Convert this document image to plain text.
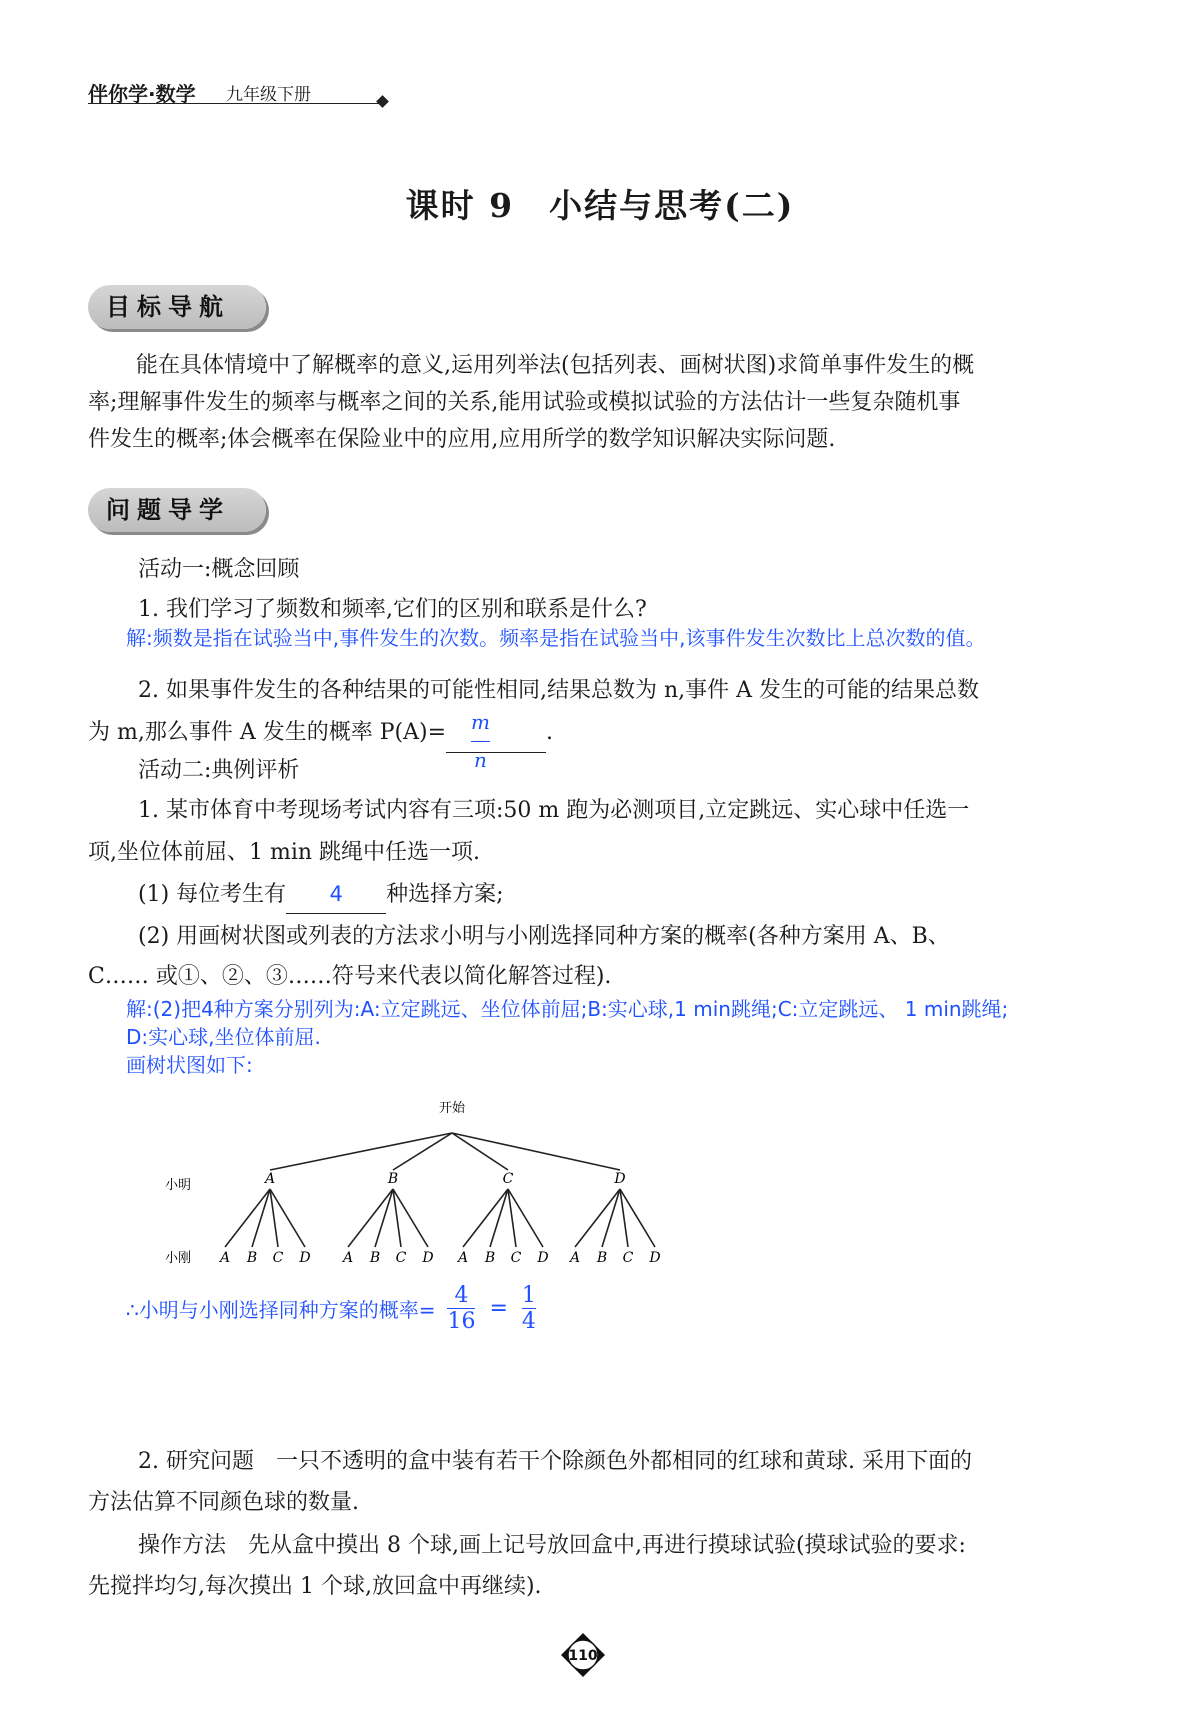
伴你学·数学 九年级下册
课时 9　小结与思考(二)
目标导航

能在具体情境中了解概率的意义,运用列举法(包括列表、画树状图)求简单事件发生的概

率;理解事件发生的频率与概率之间的关系,能用试验或模拟试验的方法估计一些复杂随机事

件发生的概率;体会概率在保险业中的应用,应用所学的数学知识解决实际问题.

问题导学
活动一:概念回顾
1. 我们学习了频数和频率,它们的区别和联系是什么?
解:频数是指在试验当中,事件发生的次数。频率是指在试验当中,该事件发生次数比上总次数的值。
2. 如果事件发生的各种结果的可能性相同,结果总数为 n,事件 A 发生的可能的结果总数
为 m,那么事件 A 发生的概率 P(A)= m
n
.
活动二:典例评析
1. 某市体育中考现场考试内容有三项:50 m 跑为必测项目,立定跳远、实心球中任选一
项,坐位体前屈、1 min 跳绳中任选一项.
(1) 每位考生有 4 种选择方案;
(2) 用画树状图或列表的方法求小明与小刚选择同种方案的概率(各种方案用 A、B、
C…… 或①、②、③……符号来代表以简化解答过程).
解:(2)把4种方案分别列为:A:立定跳远、坐位体前屈;B:实心球,1 min跳绳;C:立定跳远、 1 min跳绳;
D:实心球,坐位体前屈.
画树状图如下:
开始
小明
小刚
A
A B C D
B
A B C D
C
A B C D
D
A B C D
∴小明与小刚选择同种方案的概率= $\frac{4}{16} = \frac{1}{4}$
2. 研究问题　一只不透明的盒中装有若干个除颜色外都相同的红球和黄球. 采用下面的
方法估算不同颜色球的数量.
操作方法　先从盒中摸出 8 个球,画上记号放回盒中,再进行摸球试验(摸球试验的要求:
先搅拌均匀,每次摸出 1 个球,放回盒中再继续).
110
